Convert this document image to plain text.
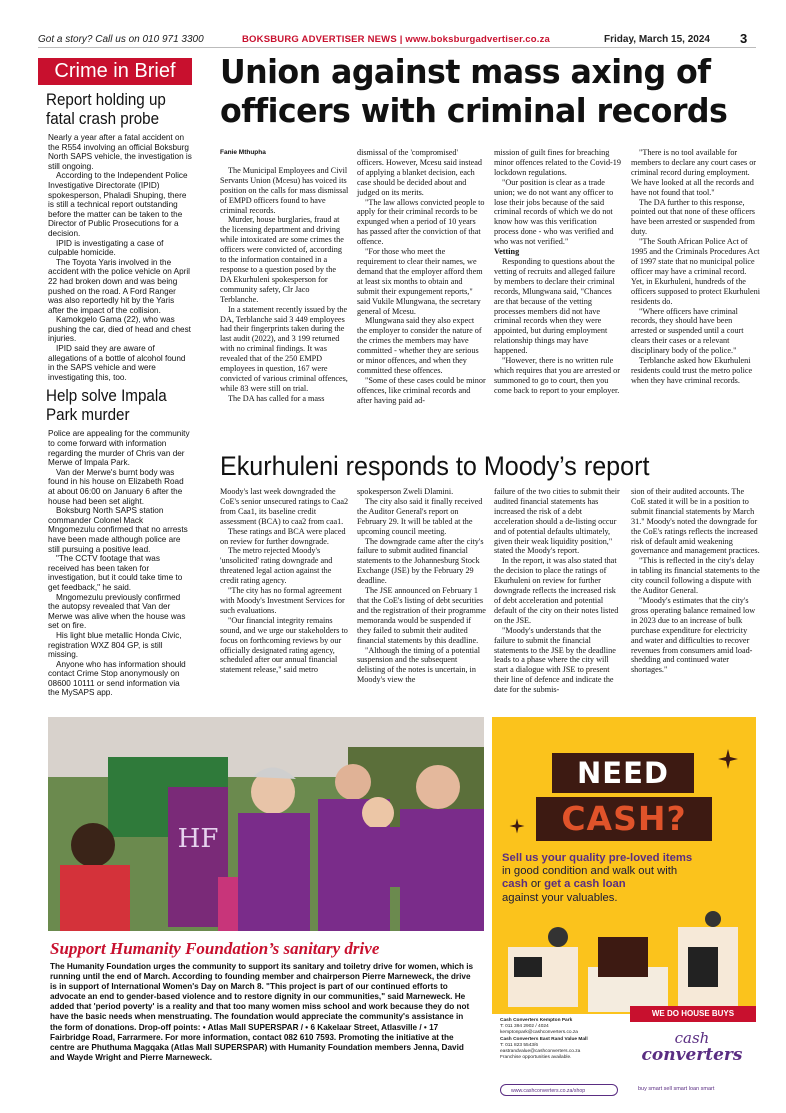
Got a story? Call us on 010 971 3300	BOKSBURG ADVERTISER NEWS | www.boksburgadvertiser.co.za	Friday, March 15, 2024 3
Crime in Brief
Report holding up fatal crash probe

Nearly a year after a fatal accident on the R554 involving an official Boksburg North SAPS vehicle, the investigation is still ongoing.

According to the Independent Police Investigative Directorate (IPID) spokesperson, Phaladi Shuping, there is still a technical report outstanding before the matter can be taken to the Director of Public Prosecutions for a decision.

IPID is investigating a case of culpable homicide.

The Toyota Yaris involved in the accident with the police vehicle on April 22 had broken down and was being pushed on the road. A Ford Ranger was also reportedly hit by the Yaris after the impact of the collision.

Kamokgelo Gama (22), who was pushing the car, died of head and chest injuries.

IPID said they are aware of allegations of a bottle of alcohol found in the SAPS vehicle and were investigating this, too.

Help solve Impala Park murder

Police are appealing for the community to come forward with information regarding the murder of Chris van der Merwe of Impala Park.

Van der Merwe's burnt body was found in his house on Elizabeth Road at about 06:00 on January 6 after the house had been set alight.

Boksburg North SAPS station commander Colonel Mack Mngomezulu confirmed that no arrests have been made although police are still pursuing a positive lead.

"The CCTV footage that was received has been taken for investigation, but it could take time to get feedback," he said.

Mngomezulu previously confirmed the autopsy revealed that Van der Merwe was alive when the house was set on fire.

His light blue metallic Honda Civic, registration WXZ 804 GP, is still missing.

Anyone who has information should contact Crime Stop anonymously on 08600 10111 or send information via the MySAPS app.

Union against mass axing of officers with criminal records

Fanie Mthupha

The Municipal Employees and Civil Servants Union (Mcesu) has voiced its position on the calls for mass dismissal of EMPD officers found to have criminal records.

Murder, house burglaries, fraud at the licensing department and driving while intoxicated are some crimes the officers were convicted of, according to the information contained in a response to a question posed by the DA Ekurhuleni spokesperson for community safety, Clr Jaco Terblanche.

In a statement recently issued by the DA, Terblanche said 3 449 employees had their fingerprints taken during the last audit (2022), and 3 199 returned with no criminal findings. It was revealed that of the 250 EMPD employees in question, 167 were convicted of various criminal offences, while 83 were still on trial.

The DA has called for a mass

dismissal of the 'compromised' officers. However, Mcesu said instead of applying a blanket decision, each case should be decided about and judged on its merits.

"The law allows convicted people to apply for their criminal records to be expunged when a period of 10 years has passed after the conviction of that offence.

"For those who meet the requirement to clear their names, we demand that the employer afford them at least six months to obtain and submit their expungement reports," said Vukile Mlungwana, the secretary general of Mcesu.

Mlungwana said they also expect the employer to consider the nature of the crimes the members may have committed - whether they are serious or minor offences, and when they committed these offences.

"Some of these cases could be minor offences, like criminal records and after having paid ad-

mission of guilt fines for breaching minor offences related to the Covid-19 lockdown regulations.

"Our position is clear as a trade union; we do not want any officer to lose their jobs because of the said criminal records of which we do not know how was this verification process done - who was verified and who was not verified."

Vetting

Responding to questions about the vetting of recruits and alleged failure by members to declare their criminal records, Mlungwana said, "Chances are that because of the vetting processes members did not have criminal records when they were appointed, but during employment relationship things may have happened.

"However, there is no written rule which requires that you are arrested or summoned to go to court, then you come back to report to your employer.

"There is no tool available for members to declare any court cases or criminal record during employment. We have looked at all the records and have not found that tool."

The DA further to this response, pointed out that none of these officers have been arrested or suspended from duty.

"The South African Police Act of 1995 and the Criminals Procedures Act of 1997 state that no municipal police officer may have a criminal record. Yet, in Ekurhuleni, hundreds of the officers supposed to protect Ekurhuleni residents do.

"Where officers have criminal records, they should have been arrested or suspended until a court clears their cases or a relevant disciplinary body of the police."

Terblanche asked how Ekurhuleni residents could trust the metro police when they have criminal records.

Ekurhuleni responds to Moody’s report

Moody's last week downgraded the CoE's senior unsecured ratings to Caa2 from Caa1, its baseline credit assessment (BCA) to caa2 from caa1.

These ratings and BCA were placed on review for further downgrade.

The metro rejected Moody's 'unsolicited' rating downgrade and threatened legal action against the credit rating agency.

"The city has no formal agreement with Moody's Investment Services for such evaluations.

"Our financial integrity remains sound, and we urge our stakeholders to focus on forthcoming reviews by our officially designated rating agency, scheduled after our annual financial statement release," said metro

spokesperson Zweli Dlamini.

The city also said it finally received the Auditor General's report on February 29. It will be tabled at the upcoming council meeting.

The downgrade came after the city's failure to submit audited financial statements to the Johannesburg Stock Exchange (JSE) by the February 29 deadline.

The JSE announced on February 1 that the CoE's listing of debt securities and the registration of their programme memoranda would be suspended if they failed to submit their audited financial statements by this deadline.

"Although the timing of a potential suspension and the subsequent delisting of the notes is uncertain, in Moody's view the

failure of the two cities to submit their audited financial statements has increased the risk of a debt acceleration should a de-listing occur and of potential defaults ultimately, given their weak liquidity position," stated the Moody's report.

In the report, it was also stated that the decision to place the ratings of Ekurhuleni on review for further downgrade reflects the increased risk of debt acceleration and potential default of the city on their notes listed on the JSE.

"Moody's understands that the failure to submit the financial statements to the JSE by the deadline leads to a phase where the city will start a dialogue with JSE to present their line of defence and indicate the date for the submis-

sion of their audited accounts. The CoE stated it will be in a position to submit financial statements by March 31." Moody's noted the downgrade for the CoE's ratings reflects the increased risk of default amid weakening governance and management practices.

"This is reflected in the city's delay in tabling its financial statements to the city council following a dispute with the Auditor General.

"Moody's estimates that the city's gross operating balance remained low in 2023 due to an increase of bulk purchase expenditure for electricity and water and difficulties to recover revenues from consumers amid load-shedding and continued water shortages."

HF
Support Humanity Foundation’s sanitary drive
The Humanity Foundation urges the community to support its sanitary and toiletry drive for women, which is running until the end of March. According to founding member and chairperson Pierre Marneweck, the drive is in support of International Women's Day on March 8. "This project is part of our continued efforts to advocate an end to gender-based violence and to restore dignity in our communities," said Marneweck. He added that 'period poverty' is a reality and that too many women miss school and work because they do not have the basic needs when menstruating. The foundation would appreciate the community's assistance in the form of donations. Drop-off points: • Atlas Mall SUPERSPAR / • 6 Kakelaar Street, Atlasville / • 17 Fairbridge Road, Farrarmere. For more information, contact 082 610 7593. Promoting the initiative at the centre are Phuthuma Magqaka (Atlas Mall SUPERSPAR) with Humanity Foundation members Jenna, David and Wayde Wright and Pierre Marneweck.
NEED
CASH?
Sell us your quality pre-loved items
in good condition and walk out with
cash or get a cash loan
against your valuables.
Cash Converters Kempton Park
T: 011 394 2902 / 4024
kemptonpark@cashconverters.co.za
Cash Converters East Rand Value Mall
T: 011 823 5543/6
eastrandvalue@cashconverters.co.za
Franchise opportunities available.
www.cashconverters.co.za/shop
WE DO HOUSE BUYS
cash
converters
buy smart sell smart loan smart
